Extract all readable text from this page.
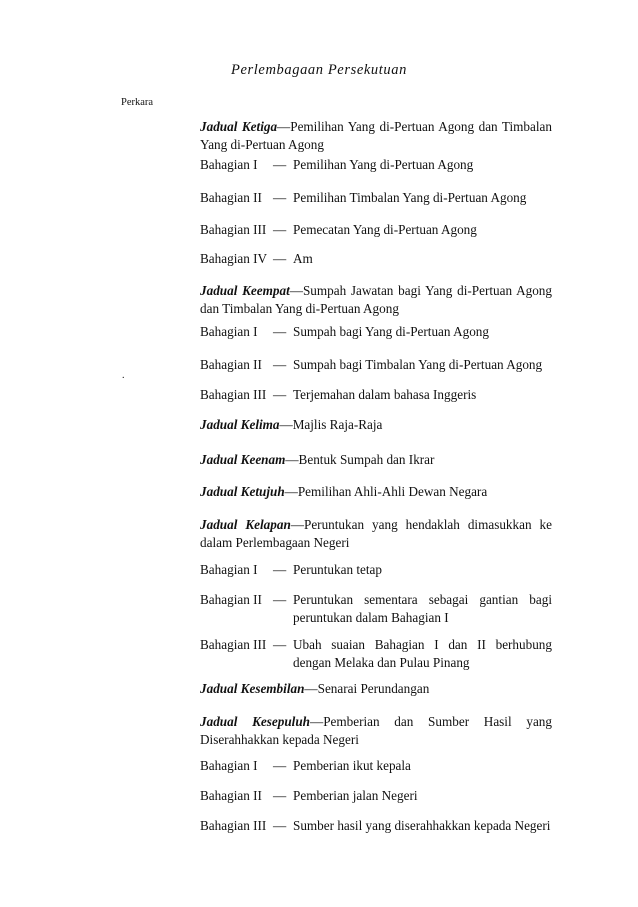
Perlembagaan Persekutuan
Perkara
.
Jadual Ketiga—Pemilihan Yang di-Pertuan Agong dan Timbalan Yang di-Pertuan Agong
Bahagian I	— Pemilihan Yang di-Pertuan Agong
Bahagian II — Pemilihan Timbalan Yang di-Pertuan Agong
Bahagian III — Pemecatan Yang di-Pertuan Agong
Bahagian IV — Am
Jadual Keempat—Sumpah Jawatan bagi Yang di-Pertuan Agong dan Timbalan Yang di-Pertuan Agong
Bahagian I	— Sumpah bagi Yang di-Pertuan Agong
Bahagian II — Sumpah bagi Timbalan Yang di-Pertuan Agong
Bahagian III — Terjemahan dalam bahasa Inggeris
Jadual Kelima—Majlis Raja-Raja
Jadual Keenam—Bentuk Sumpah dan Ikrar
Jadual Ketujuh—Pemilihan Ahli-Ahli Dewan Negara
Jadual Kelapan—Peruntukan yang hendaklah dimasukkan ke dalam Perlembagaan Negeri
Bahagian I	— Peruntukan tetap
Bahagian II — Peruntukan sementara sebagai gantian bagi peruntukan dalam Bahagian I
Bahagian III — Ubah suaian Bahagian I dan II berhubung dengan Melaka dan Pulau Pinang
Jadual Kesembilan—Senarai Perundangan
Jadual Kesepuluh—Pemberian dan Sumber Hasil yang Diserahhakkan kepada Negeri
Bahagian I	— Pemberian ikut kepala
Bahagian II — Pemberian jalan Negeri
Bahagian III — Sumber hasil yang diserahhakkan kepada Negeri
